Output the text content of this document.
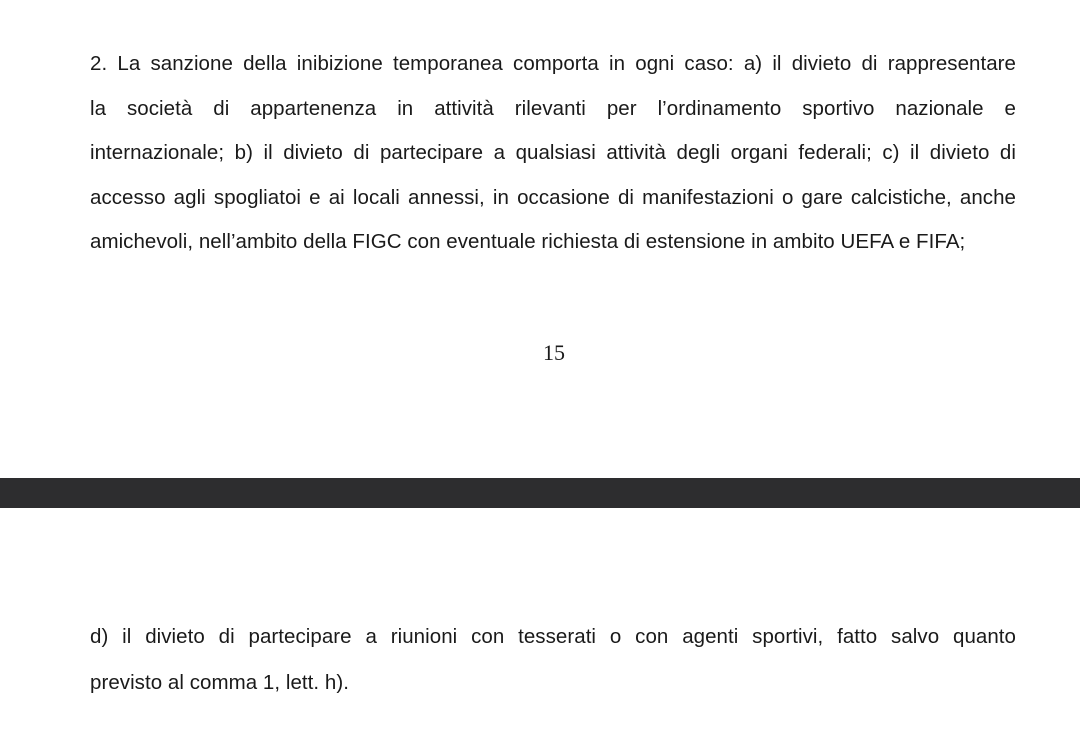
2. La sanzione della inibizione temporanea comporta in ogni caso: a) il divieto di rappresentare
la società di appartenenza in attività rilevanti per l’ordinamento sportivo nazionale e
internazionale; b) il divieto di partecipare a qualsiasi attività degli organi federali; c) il divieto di
accesso agli spogliatoi e ai locali annessi, in occasione di manifestazioni o gare calcistiche, anche
amichevoli, nell’ambito della FIGC con eventuale richiesta di estensione in ambito UEFA e FIFA;
15
d) il divieto di partecipare a riunioni con tesserati o con agenti sportivi, fatto salvo quanto
previsto al comma 1, lett. h).
